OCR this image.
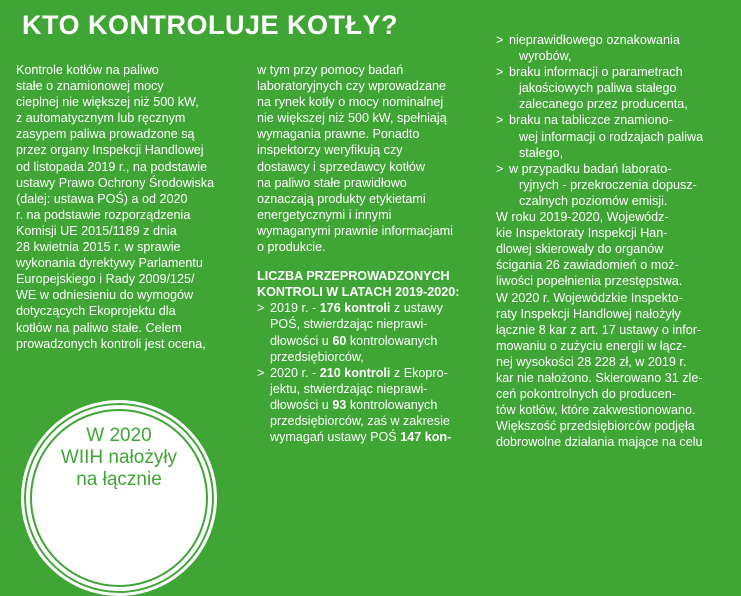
KTO KONTROLUJE KOTŁY?
Kontrole kotłów na paliwo
stałe o znamionowej mocy
cieplnej nie większej niż 500 kW,
z automatycznym lub ręcznym
zasypem paliwa prowadzone są
przez organy Inspekcji Handlowej
od listopada 2019 r., na podstawie
ustawy Prawo Ochrony Środowiska
(dalej: ustawa POŚ) a od 2020
r. na podstawie rozporządzenia
Komisji UE 2015/1189 z dnia
28 kwietnia 2015 r. w sprawie
wykonania dyrektywy Parlamentu
Europejskiego i Rady 2009/125/
WE w odniesieniu do wymogów
dotyczących Ekoprojektu dla
kotłów na paliwo stałe. Celem
prowadzonych kontroli jest ocena,
w tym przy pomocy badań
laboratoryjnych czy wprowadzane
na rynek kotły o mocy nominalnej
nie większej niż 500 kW, spełniają
wymagania prawne. Ponadto
inspektorzy weryfikują czy
dostawcy i sprzedawcy kotłów
na paliwo stałe prawidłowo
oznaczają produkty etykietami
energetycznymi i innymi
wymaganymi prawnie informacjami
o produkcie.

LICZBA PRZEPROWADZONYCH
KONTROLI W LATACH 2019-2020:

> 2019 r. - 176 kontroli z ustawy
POŚ, stwierdzając nieprawi-
dłowości u 60 kontrolowanych
przedsiębiorców,
> 2020 r. - 210 kontroli z Ekopro-
jektu, stwierdzając nieprawi-
dłowości u 93 kontrolowanych
przedsiębiorców, zaś w zakresie
wymagań ustawy POŚ 147 kon-
> nieprawidłowego oznakowania
wyrobów,
> braku informacji o parametrach
jakościowych paliwa stałego
zalecanego przez producenta,
> braku na tabliczce znamiono-
wej informacji o rodzajach paliwa
stałego,
> w przypadku badań laborato-
ryjnych - przekroczenia dopusz-
czalnych poziomów emisji.
W roku 2019-2020, Wojewódz-
kie Inspektoraty Inspekcji Han-
dlowej skierowały do organów
ścigania 26 zawiadomień o moż-
liwości popełnienia przestępstwa.
W 2020 r. Wojewódzkie Inspekto-
raty Inspekcji Handlowej nałożyły
łącznie 8 kar z art. 17 ustawy o infor-
mowaniu o zużyciu energii w łącz-
nej wysokości 28 228 zł, w 2019 r.
kar nie nałożono. Skierowano 31 zle-
ceń pokontrolnych do producen-
tów kotłów, które zakwestionowano.
Większość przedsiębiorców podjęła
dobrowolne działania mające na celu
W 2020
WIIH nałożyły
na łącznie
